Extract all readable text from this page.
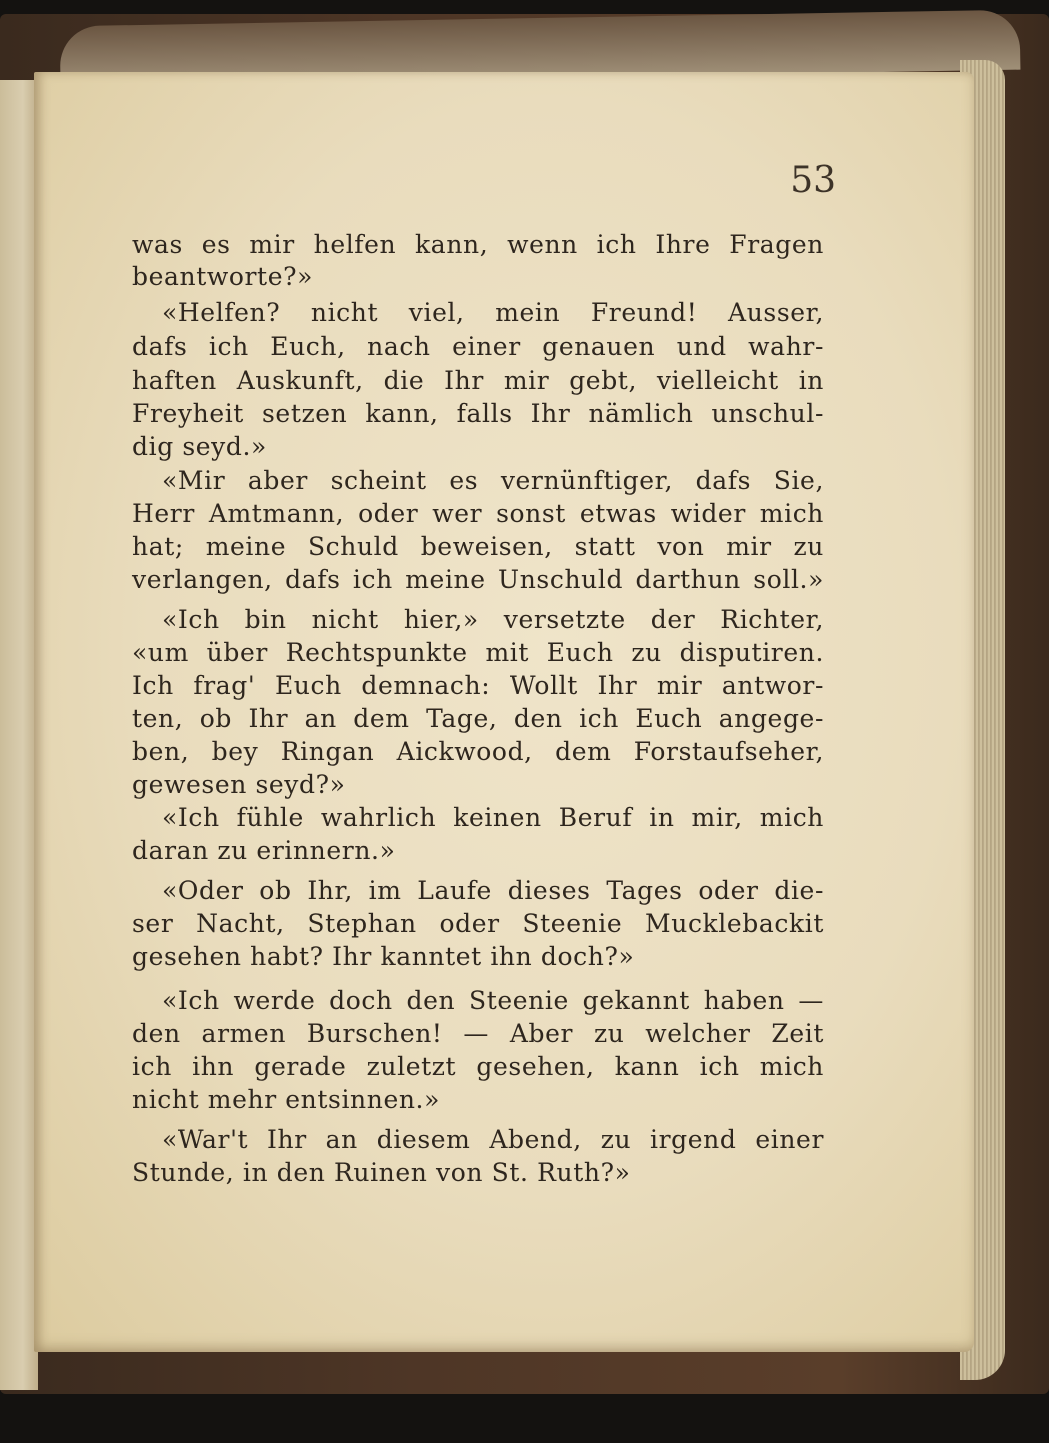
53
was es mir helfen kann, wenn ich Ihre Fragen
beantworte?»
«Helfen? nicht viel, mein Freund! Ausser,
dafs ich Euch, nach einer genauen und wahr-
haften Auskunft, die Ihr mir gebt, vielleicht in
Freyheit setzen kann, falls Ihr nämlich unschul-
dig seyd.»
«Mir aber scheint es vernünftiger, dafs Sie,
Herr Amtmann, oder wer sonst etwas wider mich
hat; meine Schuld beweisen, statt von mir zu
verlangen, dafs ich meine Unschuld darthun soll.»
«Ich bin nicht hier,» versetzte der Richter,
«um über Rechtspunkte mit Euch zu disputiren.
Ich frag' Euch demnach: Wollt Ihr mir antwor-
ten, ob Ihr an dem Tage, den ich Euch angege-
ben, bey Ringan Aickwood, dem Forstaufseher,
gewesen seyd?»
«Ich fühle wahrlich keinen Beruf in mir, mich
daran zu erinnern.»
«Oder ob Ihr, im Laufe dieses Tages oder die-
ser Nacht, Stephan oder Steenie Mucklebackit
gesehen habt? Ihr kanntet ihn doch?»
«Ich werde doch den Steenie gekannt haben —
den armen Burschen! — Aber zu welcher Zeit
ich ihn gerade zuletzt gesehen, kann ich mich
nicht mehr entsinnen.»
«War't Ihr an diesem Abend, zu irgend einer
Stunde, in den Ruinen von St. Ruth?»
